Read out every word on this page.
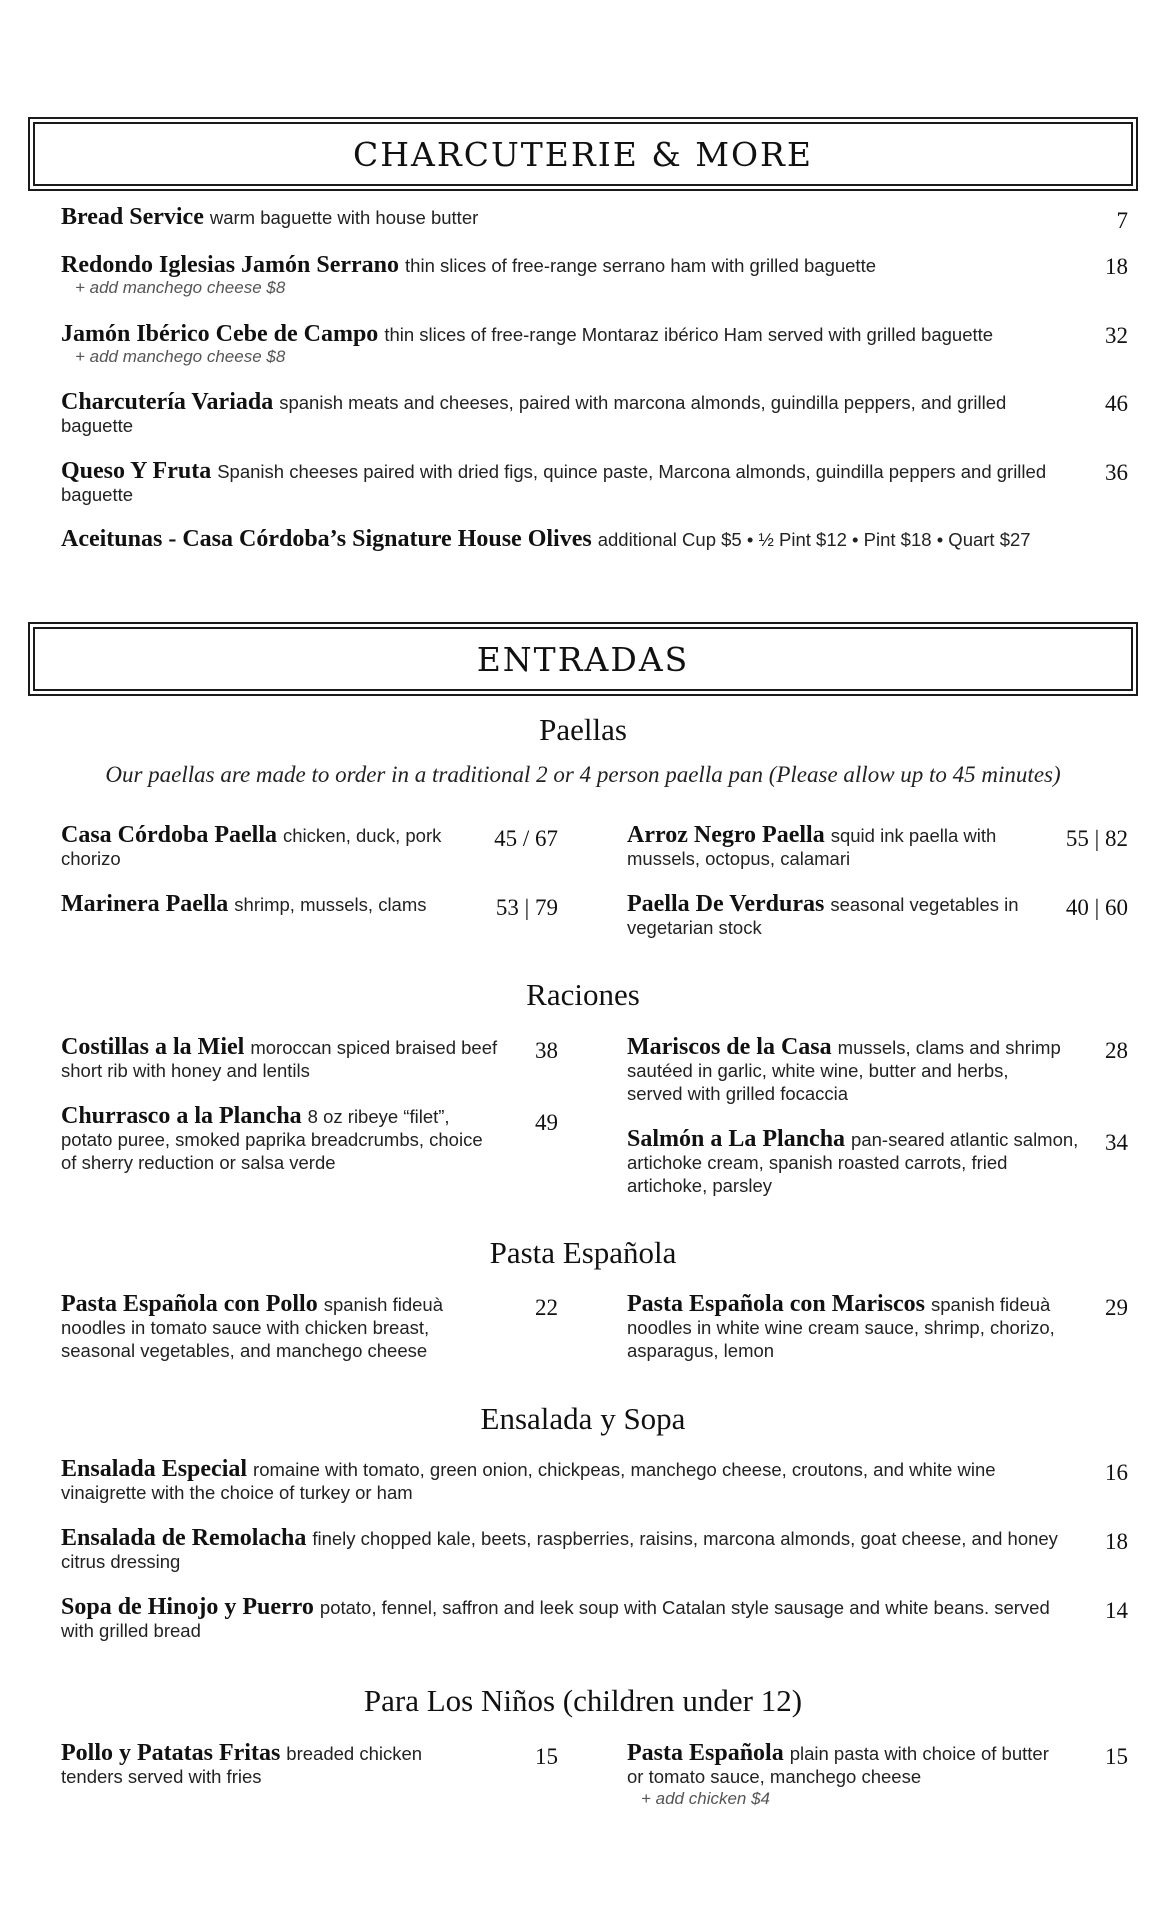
CHARCUTERIE & MORE
Bread Service warm baguette with house butter	7
Redondo Iglesias Jamón Serrano thin slices of free-range serrano ham with grilled baguette
+ add manchego cheese $8
18
Jamón Ibérico Cebe de Campo thin slices of free-range Montaraz ibérico Ham served with grilled baguette
+ add manchego cheese $8
32
Charcutería Variada spanish meats and cheeses, paired with marcona almonds, guindilla peppers, and grilled baguette
46
Queso Y Fruta Spanish cheeses paired with dried figs, quince paste, Marcona almonds, guindilla peppers and grilled baguette
36
Aceitunas - Casa Córdoba’s Signature House Olives additional Cup $5 • ½ Pint $12 • Pint $18 • Quart $27
ENTRADAS
Paellas
Our paellas are made to order in a traditional 2 or 4 person paella pan (Please allow up to 45 minutes)
Casa Córdoba Paella chicken, duck, pork chorizo
45 / 67	Arroz Negro Paella squid ink paella with mussels, octopus, calamari
55 | 82
Marinera Paella shrimp, mussels, clams	53 | 79	Paella De Verduras seasonal vegetables in vegetarian stock
40 | 60
Raciones
Costillas a la Miel moroccan spiced braised beef short rib with honey and lentils
38	Mariscos de la Casa mussels, clams and shrimp sautéed in garlic, white wine, butter and herbs, served with grilled focaccia
28
Churrasco a la Plancha 8 oz ribeye “filet”, potato puree, smoked paprika breadcrumbs, choice of sherry reduction or salsa verde
49
Salmón a La Plancha pan-seared atlantic salmon, artichoke cream, spanish roasted carrots, fried artichoke, parsley
34
Pasta Española
Pasta Española con Pollo spanish fideuà noodles in tomato sauce with chicken breast, seasonal vegetables, and manchego cheese
22	Pasta Española con Mariscos spanish fideuà noodles in white wine cream sauce, shrimp, chorizo, asparagus, lemon
29
Ensalada y Sopa
Ensalada Especial romaine with tomato, green onion, chickpeas, manchego cheese, croutons, and white wine vinaigrette with the choice of turkey or ham
16
Ensalada de Remolacha finely chopped kale, beets, raspberries, raisins, marcona almonds, goat cheese, and honey citrus dressing
18
Sopa de Hinojo y Puerro potato, fennel, saffron and leek soup with Catalan style sausage and white beans. served with grilled bread
14
Para Los Niños (children under 12)
Pollo y Patatas Fritas breaded chicken tenders served with fries
15	Pasta Española plain pasta with choice of butter or tomato sauce, manchego cheese
+ add chicken $4
15
